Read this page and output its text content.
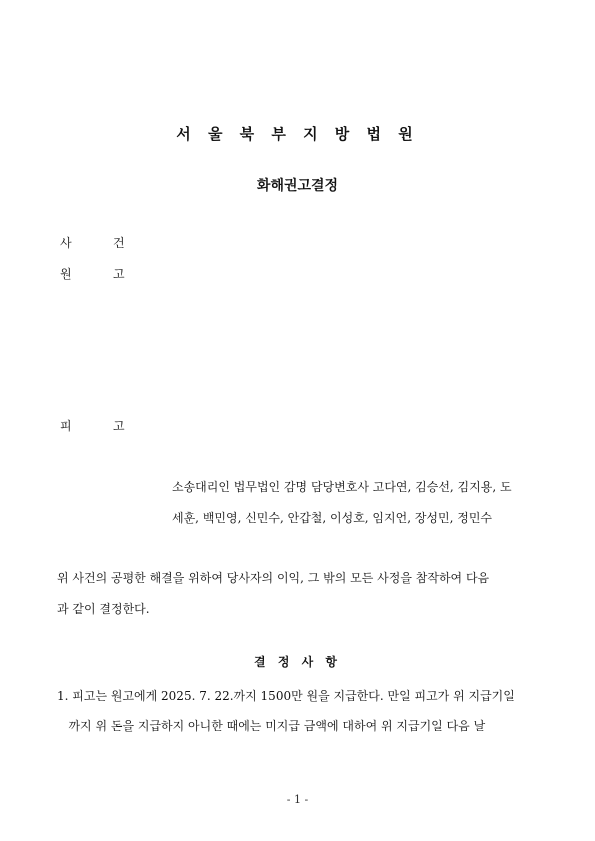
서 울 북 부 지 방 법 원
화해권고결정
사	건
원	고
피	고
소송대리인 법무법인 감명 담당변호사 고다연, 김승선, 김지용, 도
세훈, 백민영, 신민수, 안갑철, 이성호, 임지언, 장성민, 정민수
위 사건의 공평한 해결을 위하여 당사자의 이익, 그 밖의 모든 사정을 참작하여 다음
과 같이 결정한다.
결 정 사 항
1. 피고는 원고에게 2025. 7. 22.까지 1500만 원을 지급한다. 만일 피고가 위 지급기일
까지 위 돈을 지급하지 아니한 때에는 미지급 금액에 대하여 위 지급기일 다음 날
- 1 -
